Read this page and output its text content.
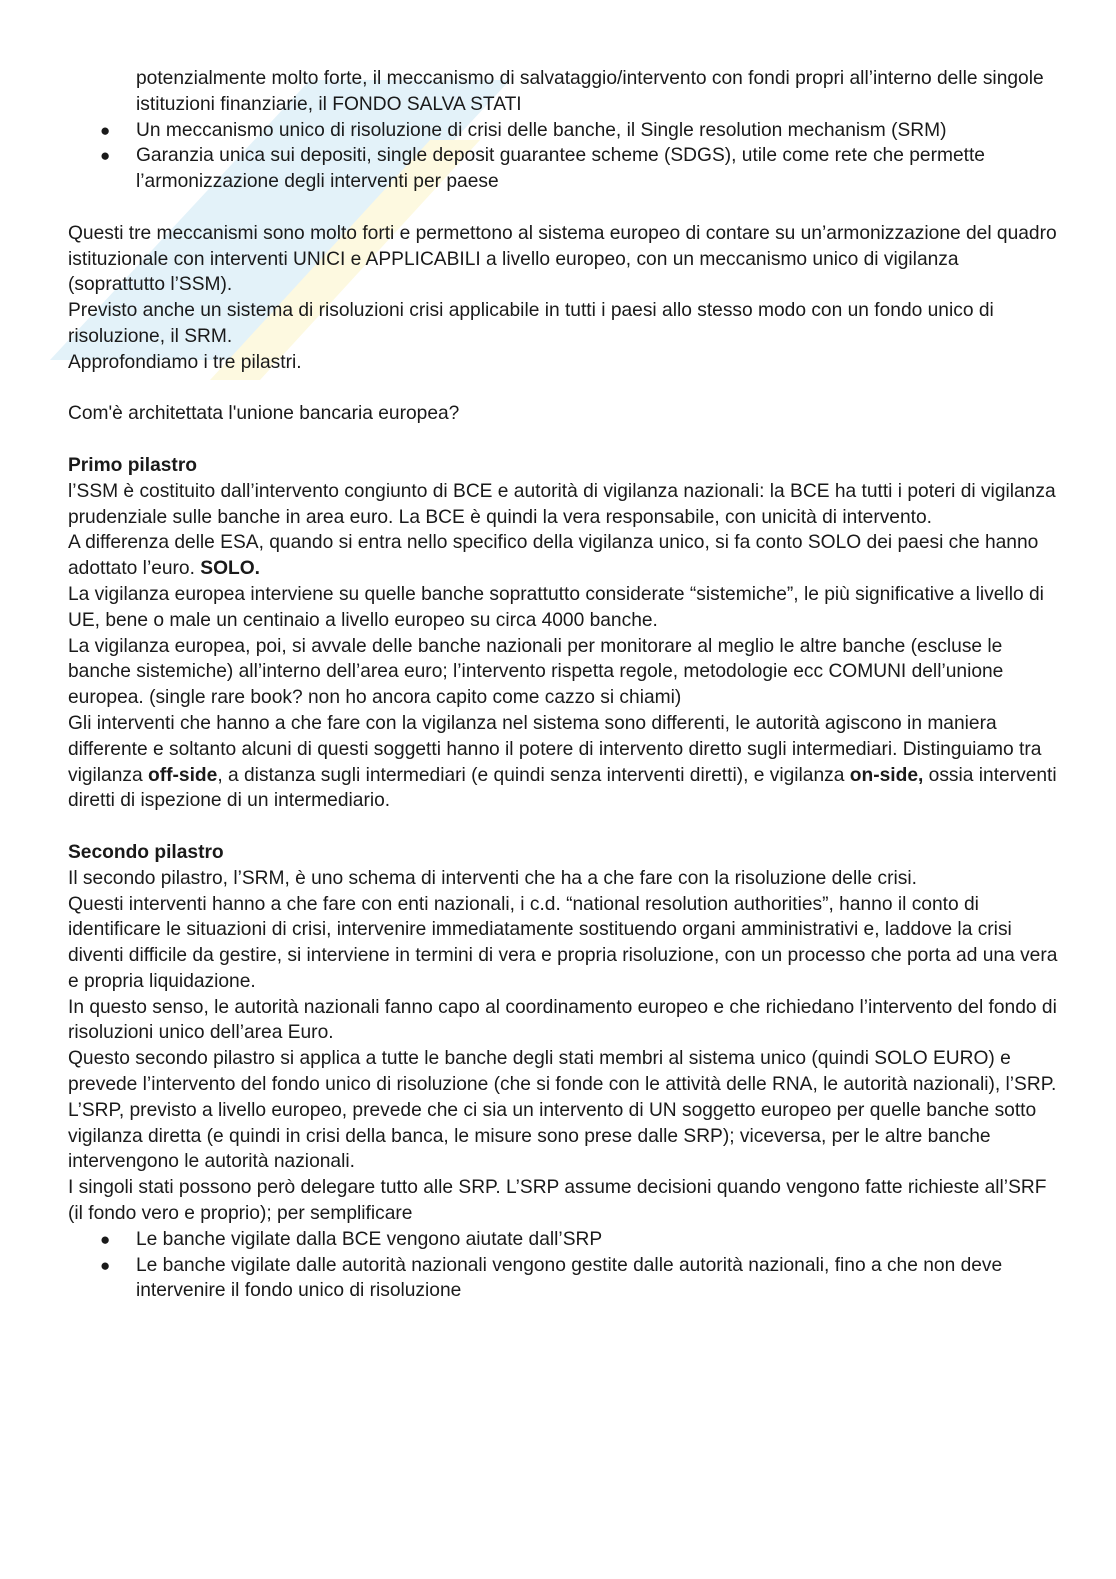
potenzialmente molto forte, il meccanismo di salvataggio/intervento con fondi propri all’interno delle singole istituzioni finanziarie, il FONDO SALVA STATI

● Un meccanismo unico di risoluzione di crisi delle banche, il Single resolution mechanism (SRM)
● Garanzia unica sui depositi, single deposit guarantee scheme (SDGS), utile come rete che permette l’armonizzazione degli interventi per paese

Questi tre meccanismi sono molto forti e permettono al sistema europeo di contare su un’armonizzazione del quadro istituzionale con interventi UNICI e APPLICABILI a livello europeo, con un meccanismo unico di vigilanza (soprattutto l’SSM).

Previsto anche un sistema di risoluzioni crisi applicabile in tutti i paesi allo stesso modo con un fondo unico di risoluzione, il SRM.

Approfondiamo i tre pilastri.

Com'è architettata l'unione bancaria europea?

Primo pilastro

l’SSM è costituito dall’intervento congiunto di BCE e autorità di vigilanza nazionali: la BCE ha tutti i poteri di vigilanza prudenziale sulle banche in area euro. La BCE è quindi la vera responsabile, con unicità di intervento.

A differenza delle ESA, quando si entra nello specifico della vigilanza unico, si fa conto SOLO dei paesi che hanno adottato l’euro. SOLO.

La vigilanza europea interviene su quelle banche soprattutto considerate “sistemiche”, le più significative a livello di UE, bene o male un centinaio a livello europeo su circa 4000 banche.

La vigilanza europea, poi, si avvale delle banche nazionali per monitorare al meglio le altre banche (escluse le banche sistemiche) all’interno dell’area euro; l’intervento rispetta regole, metodologie ecc COMUNI dell’unione europea. (single rare book? non ho ancora capito come cazzo si chiami)

Gli interventi che hanno a che fare con la vigilanza nel sistema sono differenti, le autorità agiscono in maniera differente e soltanto alcuni di questi soggetti hanno il potere di intervento diretto sugli intermediari. Distinguiamo tra vigilanza off-side, a distanza sugli intermediari (e quindi senza interventi diretti), e vigilanza on-side, ossia interventi diretti di ispezione di un intermediario.

Secondo pilastro

Il secondo pilastro, l’SRM, è uno schema di interventi che ha a che fare con la risoluzione delle crisi.

Questi interventi hanno a che fare con enti nazionali, i c.d. “national resolution authorities”, hanno il conto di identificare le situazioni di crisi, intervenire immediatamente sostituendo organi amministrativi e, laddove la crisi diventi difficile da gestire, si interviene in termini di vera e propria risoluzione, con un processo che porta ad una vera e propria liquidazione.

In questo senso, le autorità nazionali fanno capo al coordinamento europeo e che richiedano l’intervento del fondo di risoluzioni unico dell’area Euro.

Questo secondo pilastro si applica a tutte le banche degli stati membri al sistema unico (quindi SOLO EURO) e prevede l’intervento del fondo unico di risoluzione (che si fonde con le attività delle RNA, le autorità nazionali), l’SRP.

L’SRP, previsto a livello europeo, prevede che ci sia un intervento di UN soggetto europeo per quelle banche sotto vigilanza diretta (e quindi in crisi della banca, le misure sono prese dalle SRP); viceversa, per le altre banche intervengono le autorità nazionali.

I singoli stati possono però delegare tutto alle SRP. L’SRP assume decisioni quando vengono fatte richieste all’SRF (il fondo vero e proprio); per semplificare

● Le banche vigilate dalla BCE vengono aiutate dall’SRP
● Le banche vigilate dalle autorità nazionali vengono gestite dalle autorità nazionali, fino a che non deve intervenire il fondo unico di risoluzione
